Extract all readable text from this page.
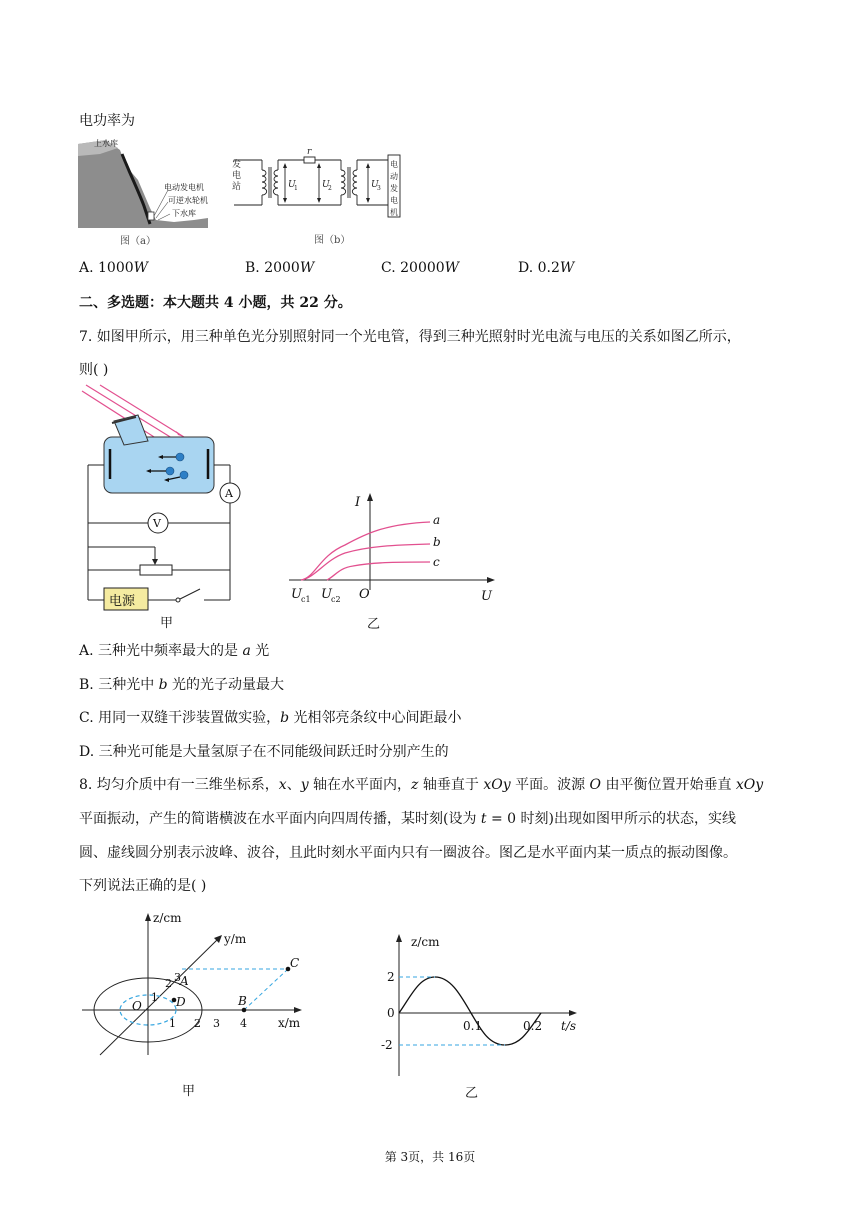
电功率为
上水库
电动发电机
可逆水轮机
下水库
图（a）
发
电
站
r
U
1	U
2	U
3
电
动
发
电
机
图（b）
A. 1000W	B. 2000W	C. 20000W	D. 0.2W
二、多选题：本大题共 4 小题，共 22 分。
7. 如图甲所示，用三种单色光分别照射同一个光电管，得到三种光照射时光电流与电压的关系如图乙所示，
则( )
A
V
电源
甲
I
U
O
a
b
c
U c1 U c2
乙
A. 三种光中频率最大的是 a 光
B. 三种光中 b 光的光子动量最大
C. 用同一双缝干涉装置做实验，b 光相邻亮条纹中心间距最小
D. 三种光可能是大量氢原子在不同能级间跃迁时分别产生的
8. 均匀介质中有一三维坐标系，𝑥、𝑦 轴在水平面内，𝑧 轴垂直于 𝑥𝑂𝑦 平面。波源 𝑂 由平衡位置开始垂直 𝑥𝑂𝑦
平面振动，产生的简谐横波在水平面内向四周传播，某时刻(设为 𝑡 = 0 时刻)出现如图甲所示的状态，实线
圆、虚线圆分别表示波峰、波谷，且此时刻水平面内只有一圈波谷。图乙是水平面内某一质点的振动图像。
下列说法正确的是( )
z/cm
y/m
x/m
O
A
B
C
D
1 2 3 4
1
2 3
甲
z/cm
t/s
2
0
-2
0.1	0.2
乙
第 3页，共 16页
